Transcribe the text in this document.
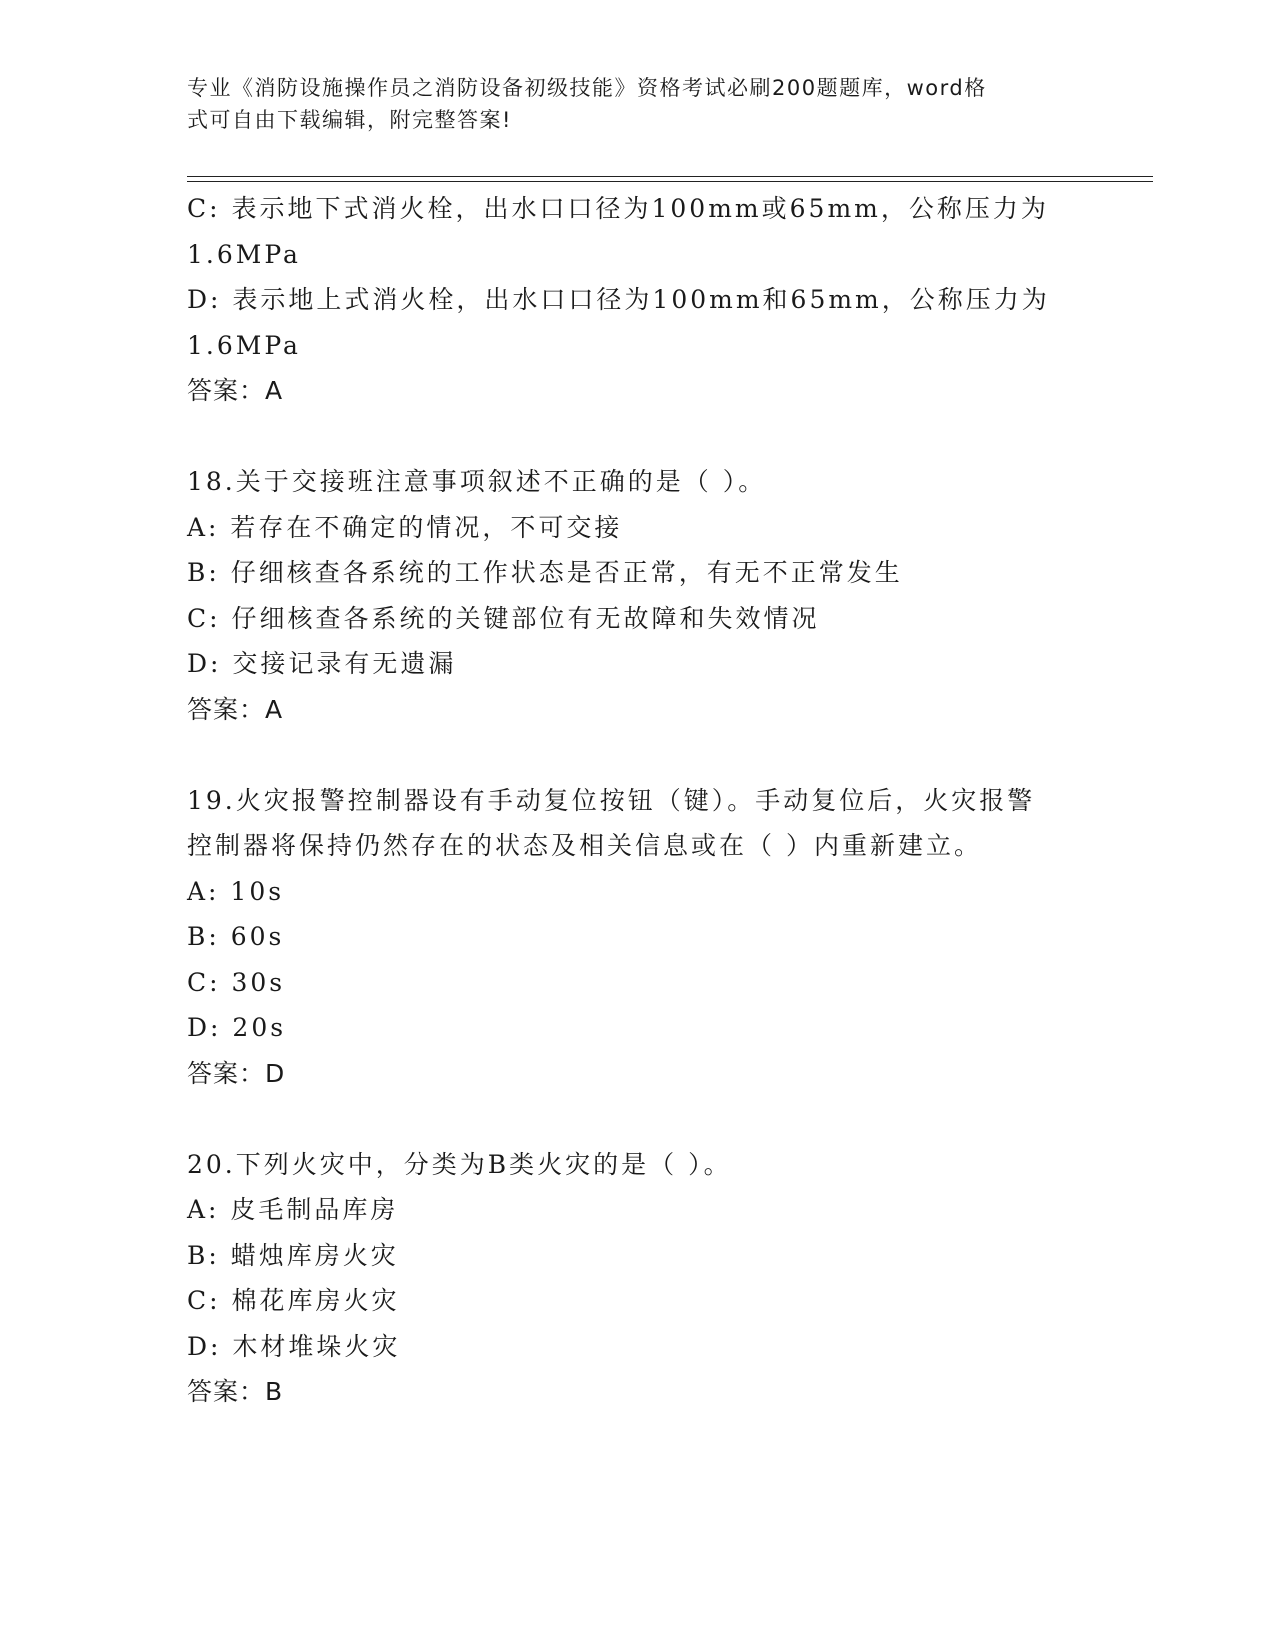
专业《消防设施操作员之消防设备初级技能》资格考试必刷200题题库，word格
式可自由下载编辑，附完整答案!

C: 表示地下式消火栓，出水口口径为100mm或65mm，公称压力为

1.6MPa

D: 表示地上式消火栓，出水口口径为100mm和65mm，公称压力为

1.6MPa

答案：A

18.关于交接班注意事项叙述不正确的是（ ）。

A: 若存在不确定的情况，不可交接

B: 仔细核查各系统的工作状态是否正常，有无不正常发生

C: 仔细核查各系统的关键部位有无故障和失效情况

D: 交接记录有无遗漏

答案：A

19.火灾报警控制器设有手动复位按钮（键）。手动复位后，火灾报警

控制器将保持仍然存在的状态及相关信息或在（ ）内重新建立。

A: 10s

B: 60s

C: 30s

D: 20s

答案：D

20.下列火灾中，分类为B类火灾的是（ ）。

A: 皮毛制品库房

B: 蜡烛库房火灾

C: 棉花库房火灾

D: 木材堆垛火灾

答案：B
